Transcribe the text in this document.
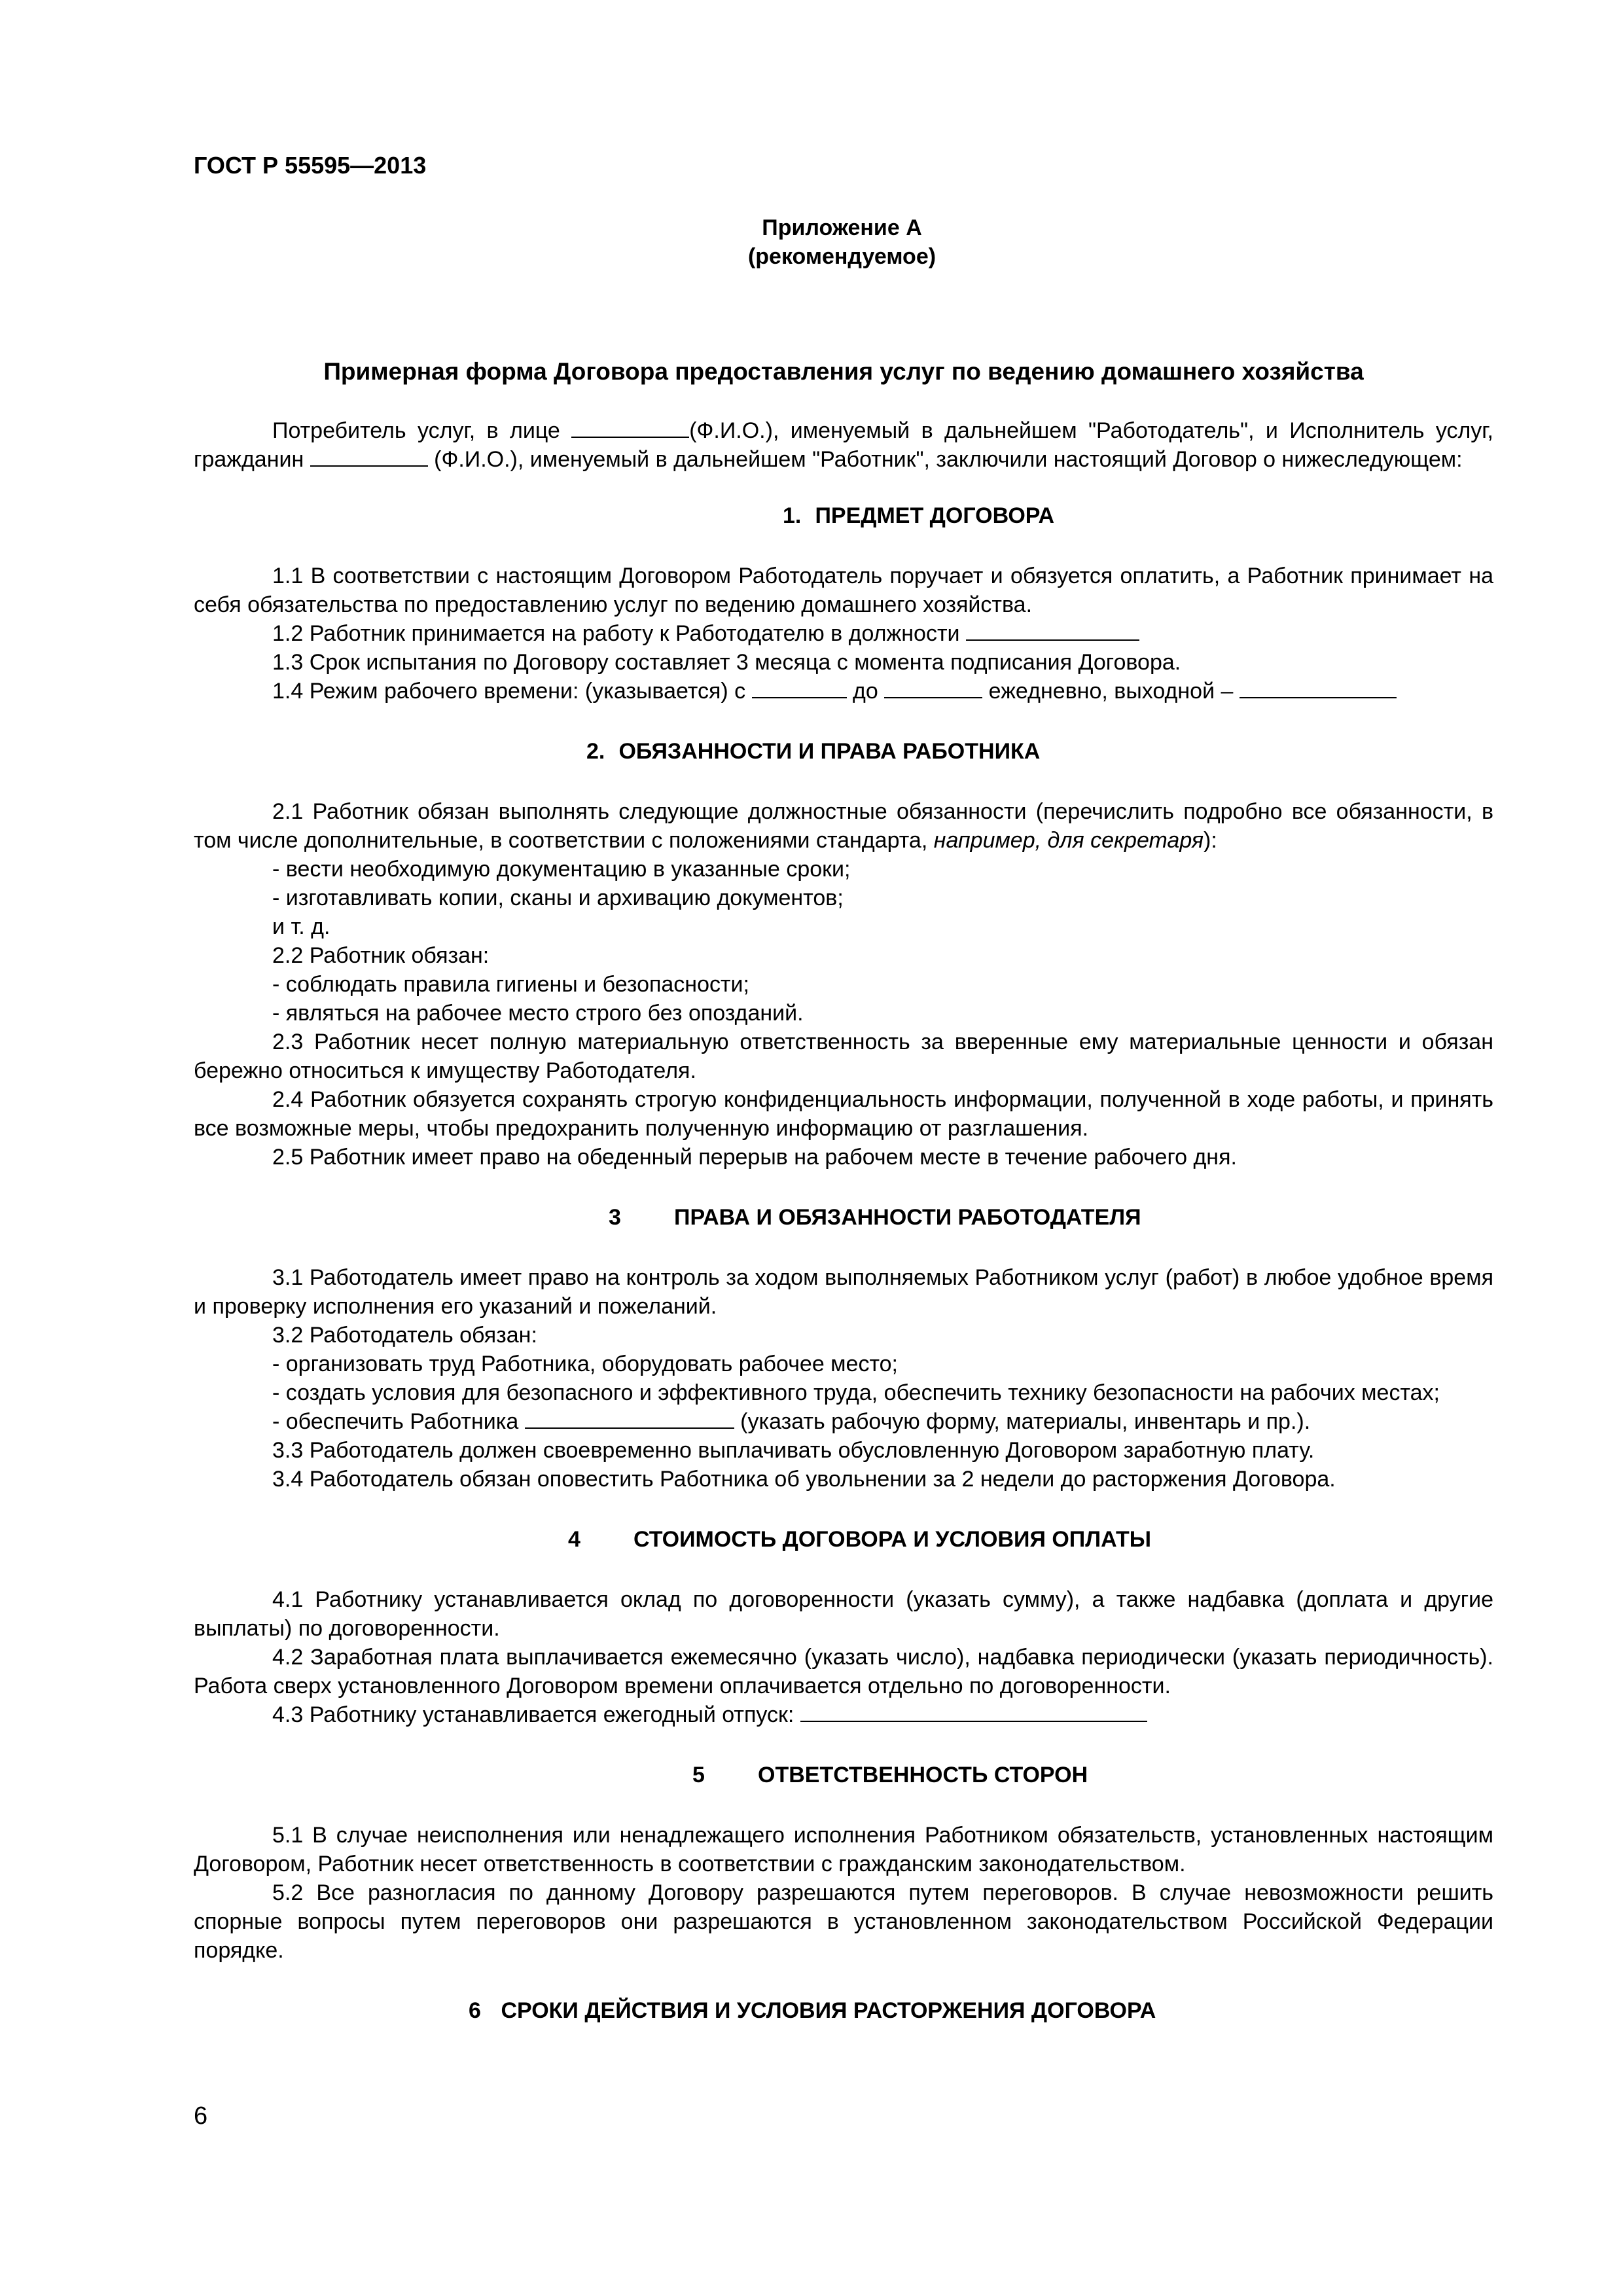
ГОСТ Р 55595—2013
Приложение А
(рекомендуемое)
Примерная форма Договора предоставления услуг по ведению домашнего хозяйства

Потребитель услуг, в лице	(Ф.И.О.), именуемый в дальнейшем "Работодатель", и Исполнитель услуг, гражданин	(Ф.И.О.), именуемый в дальнейшем "Работник", заключили настоящий Договор о нижеследующем:

1. ПРЕДМЕТ ДОГОВОРА

1.1 В соответствии с настоящим Договором Работодатель поручает и обязуется оплатить, а Работник принимает на себя обязательства по предоставлению услуг по ведению домашнего хозяйства.

1.2 Работник принимается на работу к Работодателю в должности

1.3 Срок испытания по Договору составляет 3 месяца с момента подписания Договора.

1.4 Режим рабочего времени: (указывается) с	до	ежедневно, выходной –

2. ОБЯЗАННОСТИ И ПРАВА РАБОТНИКА

2.1 Работник обязан выполнять следующие должностные обязанности (перечислить подробно все обязанности, в том числе дополнительные, в соответствии с положениями стандарта, например, для секретаря):

- вести необходимую документацию в указанные сроки;

- изготавливать копии, сканы и архивацию документов;

и т. д.

2.2 Работник обязан:

- соблюдать правила гигиены и безопасности;

- являться на рабочее место строго без опозданий.

2.3 Работник несет полную материальную ответственность за вверенные ему материальные ценности и обязан бережно относиться к имуществу Работодателя.

2.4 Работник обязуется сохранять строгую конфиденциальность информации, полученной в ходе работы, и принять все возможные меры, чтобы предохранить полученную информацию от разглашения.

2.5 Работник имеет право на обеденный перерыв на рабочем месте в течение рабочего дня.

3 ПРАВА И ОБЯЗАННОСТИ РАБОТОДАТЕЛЯ

3.1 Работодатель имеет право на контроль за ходом выполняемых Работником услуг (работ) в любое удобное время и проверку исполнения его указаний и пожеланий.

3.2 Работодатель обязан:

- организовать труд Работника, оборудовать рабочее место;

- создать условия для безопасного и эффективного труда, обеспечить технику безопасности на рабочих местах;

- обеспечить Работника	(указать рабочую форму, материалы, инвентарь и пр.).

3.3 Работодатель должен своевременно выплачивать обусловленную Договором заработную плату.

3.4 Работодатель обязан оповестить Работника об увольнении за 2 недели до расторжения Договора.

4 СТОИМОСТЬ ДОГОВОРА И УСЛОВИЯ ОПЛАТЫ

4.1 Работнику устанавливается оклад по договоренности (указать сумму), а также надбавка (доплата и другие выплаты) по договоренности.

4.2 Заработная плата выплачивается ежемесячно (указать число), надбавка периодически (указать периодичность). Работа сверх установленного Договором времени оплачивается отдельно по договоренности.

4.3 Работнику устанавливается ежегодный отпуск:

5 ОТВЕТСТВЕННОСТЬ СТОРОН

5.1 В случае неисполнения или ненадлежащего исполнения Работником обязательств, установленных настоящим Договором, Работник несет ответственность в соответствии с гражданским законодательством.

5.2 Все разногласия по данному Договору разрешаются путем переговоров. В случае невозможности решить спорные вопросы путем переговоров они разрешаются в установленном законодательством Российской Федерации порядке.

6 СРОКИ ДЕЙСТВИЯ И УСЛОВИЯ РАСТОРЖЕНИЯ ДОГОВОРА
6
